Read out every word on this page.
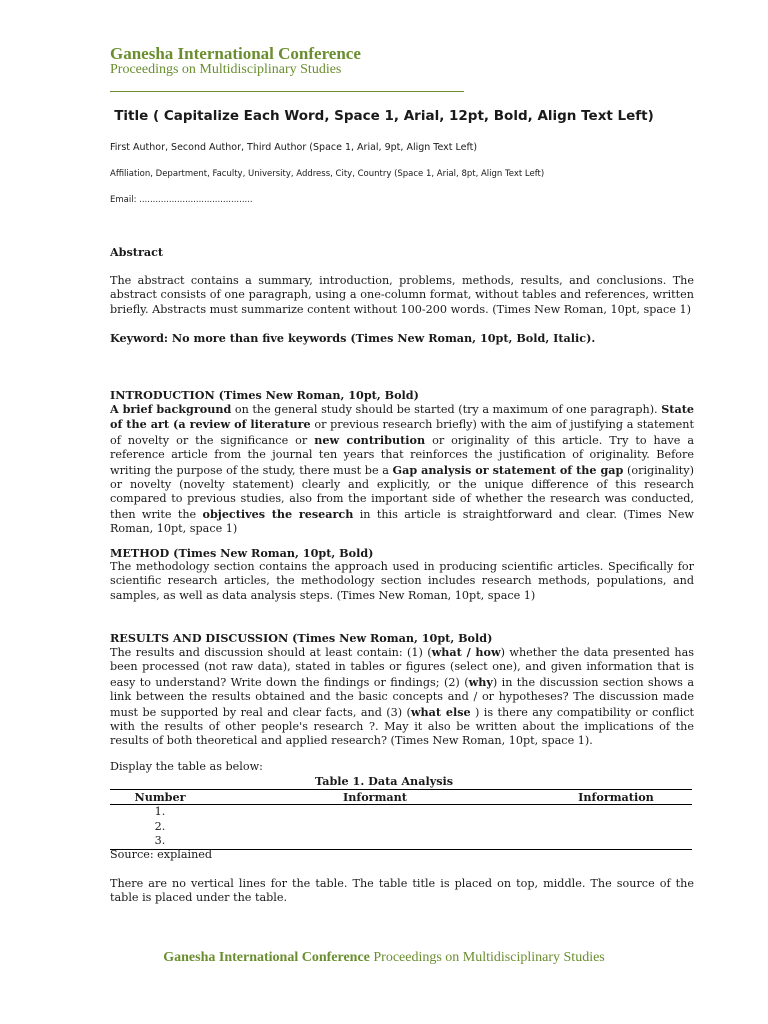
Ganesha International Conference
Proceedings on Multidisciplinary Studies
Title ( Capitalize Each Word, Space 1, Arial, 12pt, Bold, Align Text Left)
First Author, Second Author, Third Author (Space 1, Arial, 9pt, Align Text Left)
Affiliation, Department, Faculty, University, Address, City, Country (Space 1, Arial, 8pt, Align Text Left)
Email: ..........................................
Abstract
The abstract contains a summary, introduction, problems, methods, results, and conclusions. The abstract consists of one paragraph, using a one-column format, without tables and references, written briefly. Abstracts must summarize content without 100-200 words. (Times New Roman, 10pt, space 1)
Keyword: No more than five keywords (Times New Roman, 10pt, Bold, Italic).
INTRODUCTION (Times New Roman, 10pt, Bold)
A brief background on the general study should be started (try a maximum of one paragraph). State of the art (a review of literature or previous research briefly) with the aim of justifying a statement of novelty or the significance or new contribution or originality of this article. Try to have a reference article from the journal ten years that reinforces the justification of originality. Before writing the purpose of the study, there must be a Gap analysis or statement of the gap (originality) or novelty (novelty statement) clearly and explicitly, or the unique difference of this research compared to previous studies, also from the important side of whether the research was conducted, then write the objectives the research in this article is straightforward and clear. (Times New Roman, 10pt, space 1)
METHOD (Times New Roman, 10pt, Bold)
The methodology section contains the approach used in producing scientific articles. Specifically for scientific research articles, the methodology section includes research methods, populations, and samples, as well as data analysis steps. (Times New Roman, 10pt, space 1)
RESULTS AND DISCUSSION (Times New Roman, 10pt, Bold)
The results and discussion should at least contain: (1) (what / how) whether the data presented has been processed (not raw data), stated in tables or figures (select one), and given information that is easy to understand? Write down the findings or findings; (2) (why) in the discussion section shows a link between the results obtained and the basic concepts and / or hypotheses? The discussion made must be supported by real and clear facts, and (3) (what else ) is there any compatibility or conflict with the results of other people's research ?. May it also be written about the implications of the results of both theoretical and applied research? (Times New Roman, 10pt, space 1).
Display the table as below:
Table 1. Data Analysis
Number	Informant	Information
1.		
2.		
3.		
Source: explained
There are no vertical lines for the table. The table title is placed on top, middle. The source of the table is placed under the table.
Ganesha International Conference Proceedings on Multidisciplinary Studies
